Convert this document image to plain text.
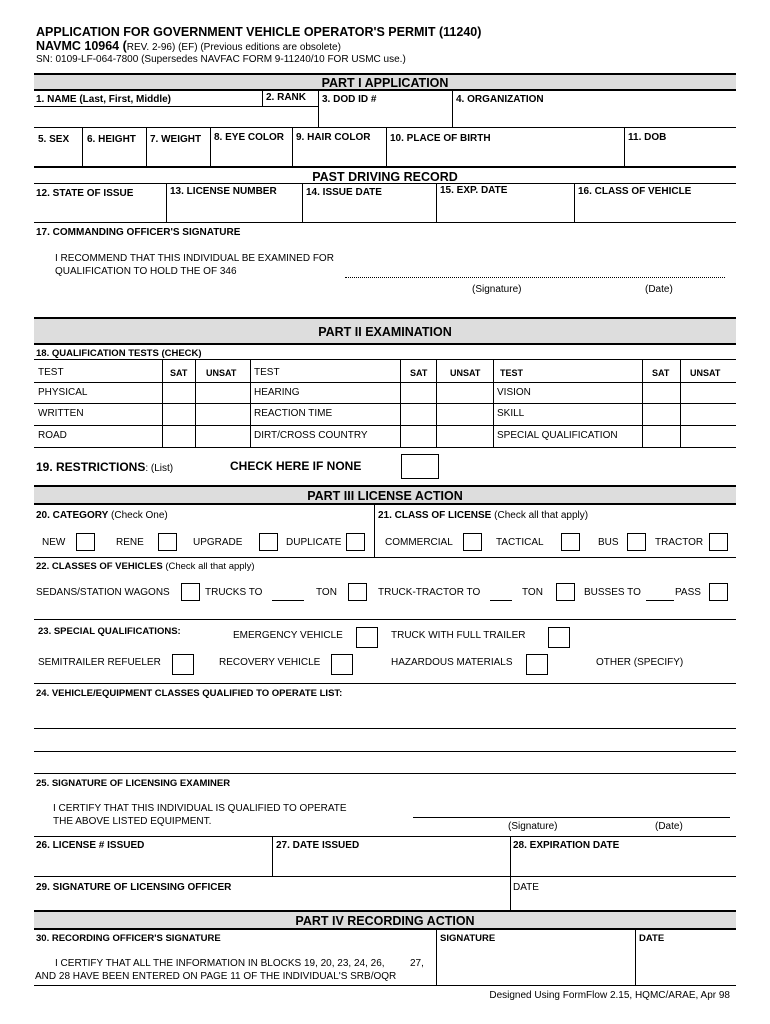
APPLICATION FOR GOVERNMENT VEHICLE OPERATOR'S PERMIT (11240)
NAVMC 10964 (REV. 2-96) (EF) (Previous editions are obsolete)
SN: 0109-LF-064-7800 (Supersedes NAVFAC FORM 9-11240/10 FOR USMC use.)
PART I APPLICATION
1. NAME (Last, First, Middle)	2. RANK 3. DOD ID #	4. ORGANIZATION
5. SEX 6. HEIGHT 7. WEIGHT 8. EYE COLOR 9. HAIR COLOR 10. PLACE OF BIRTH	11. DOB
PAST DRIVING RECORD
12. STATE OF ISSUE	13. LICENSE NUMBER	14. ISSUE DATE	15. EXP. DATE	16. CLASS OF VEHICLE
17. COMMANDING OFFICER'S SIGNATURE
I RECOMMEND THAT THIS INDIVIDUAL BE EXAMINED FOR
QUALIFICATION TO HOLD THE OF 346
(Signature)	(Date)
PART II EXAMINATION
18. QUALIFICATION TESTS (CHECK)
TEST	SAT UNSAT TEST	SAT	UNSAT TEST	SAT UNSAT
PHYSICAL	HEARING	VISION
WRITTEN	REACTION TIME	SKILL
ROAD	DIRT/CROSS COUNTRY	SPECIAL QUALIFICATION
19. RESTRICTIONS: (List)	CHECK HERE IF NONE
PART III LICENSE ACTION
20. CATEGORY (Check One)	21. CLASS OF LICENSE (Check all that apply)
NEW	RENE	UPGRADE	DUPLICATE	COMMERCIAL	TACTICAL	BUS	TRACTOR
22. CLASSES OF VEHICLES (Check all that apply)
SEDANS/STATION WAGONS	TRUCKS TO	TON	TRUCK-TRACTOR TO	TON	BUSSES TO	PASS
23. SPECIAL QUALIFICATIONS:	EMERGENCY VEHICLE	TRUCK WITH FULL TRAILER
SEMITRAILER REFUELER	RECOVERY VEHICLE	HAZARDOUS MATERIALS	OTHER (SPECIFY)
24. VEHICLE/EQUIPMENT CLASSES QUALIFIED TO OPERATE LIST:
25. SIGNATURE OF LICENSING EXAMINER
I CERTIFY THAT THIS INDIVIDUAL IS QUALIFIED TO OPERATE
THE ABOVE LISTED EQUIPMENT.	(Signature)	(Date)
26. LICENSE # ISSUED	27. DATE ISSUED	28. EXPIRATION DATE
29. SIGNATURE OF LICENSING OFFICER	DATE
PART IV RECORDING ACTION
30. RECORDING OFFICER'S SIGNATURE	SIGNATURE	DATE
I CERTIFY THAT ALL THE INFORMATION IN BLOCKS 19, 20, 23, 24, 26,	27,
AND 28 HAVE BEEN ENTERED ON PAGE 11 OF THE INDIVIDUAL'S SRB/OQR
Designed Using FormFlow 2.15, HQMC/ARAE, Apr 98
